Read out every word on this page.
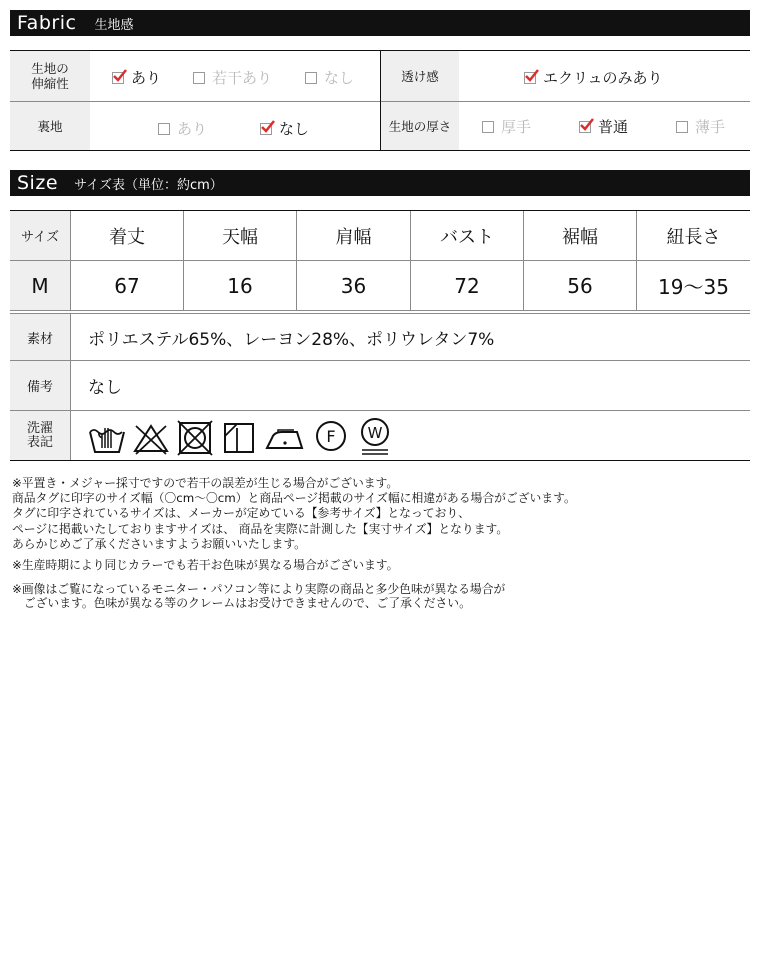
Fabric 生地感
生地の
伸縮性	あり	若干あり	なし	透け感	エクリュのみあり
裏地	あり	なし	生地の厚さ	厚手	普通	薄手
Size サイズ表（単位：約cm）
サイズ	着丈	天幅	肩幅	バスト	裾幅	紐長さ
M	67	16	36	72	56	19〜35
素材	ポリエステル65%、レーヨン28%、ポリウレタン7%
備考	なし
洗濯
表記	F W
※平置き・メジャー採寸ですので若干の誤差が生じる場合がございます。
商品タグに印字のサイズ幅（〇cm〜〇cm）と商品ページ掲載のサイズ幅に相違がある場合がございます。
タグに印字されているサイズは、メーカーが定めている【参考サイズ】となっており、
ページに掲載いたしておりますサイズは、 商品を実際に計測した【実寸サイズ】となります。
あらかじめご了承くださいますようお願いいたします。
※生産時期により同じカラーでも若干お色味が異なる場合がございます。
※画像はご覧になっているモニター・パソコン等により実際の商品と多少色味が異なる場合が
　ございます。色味が異なる等のクレームはお受けできませんので、ご了承ください。
